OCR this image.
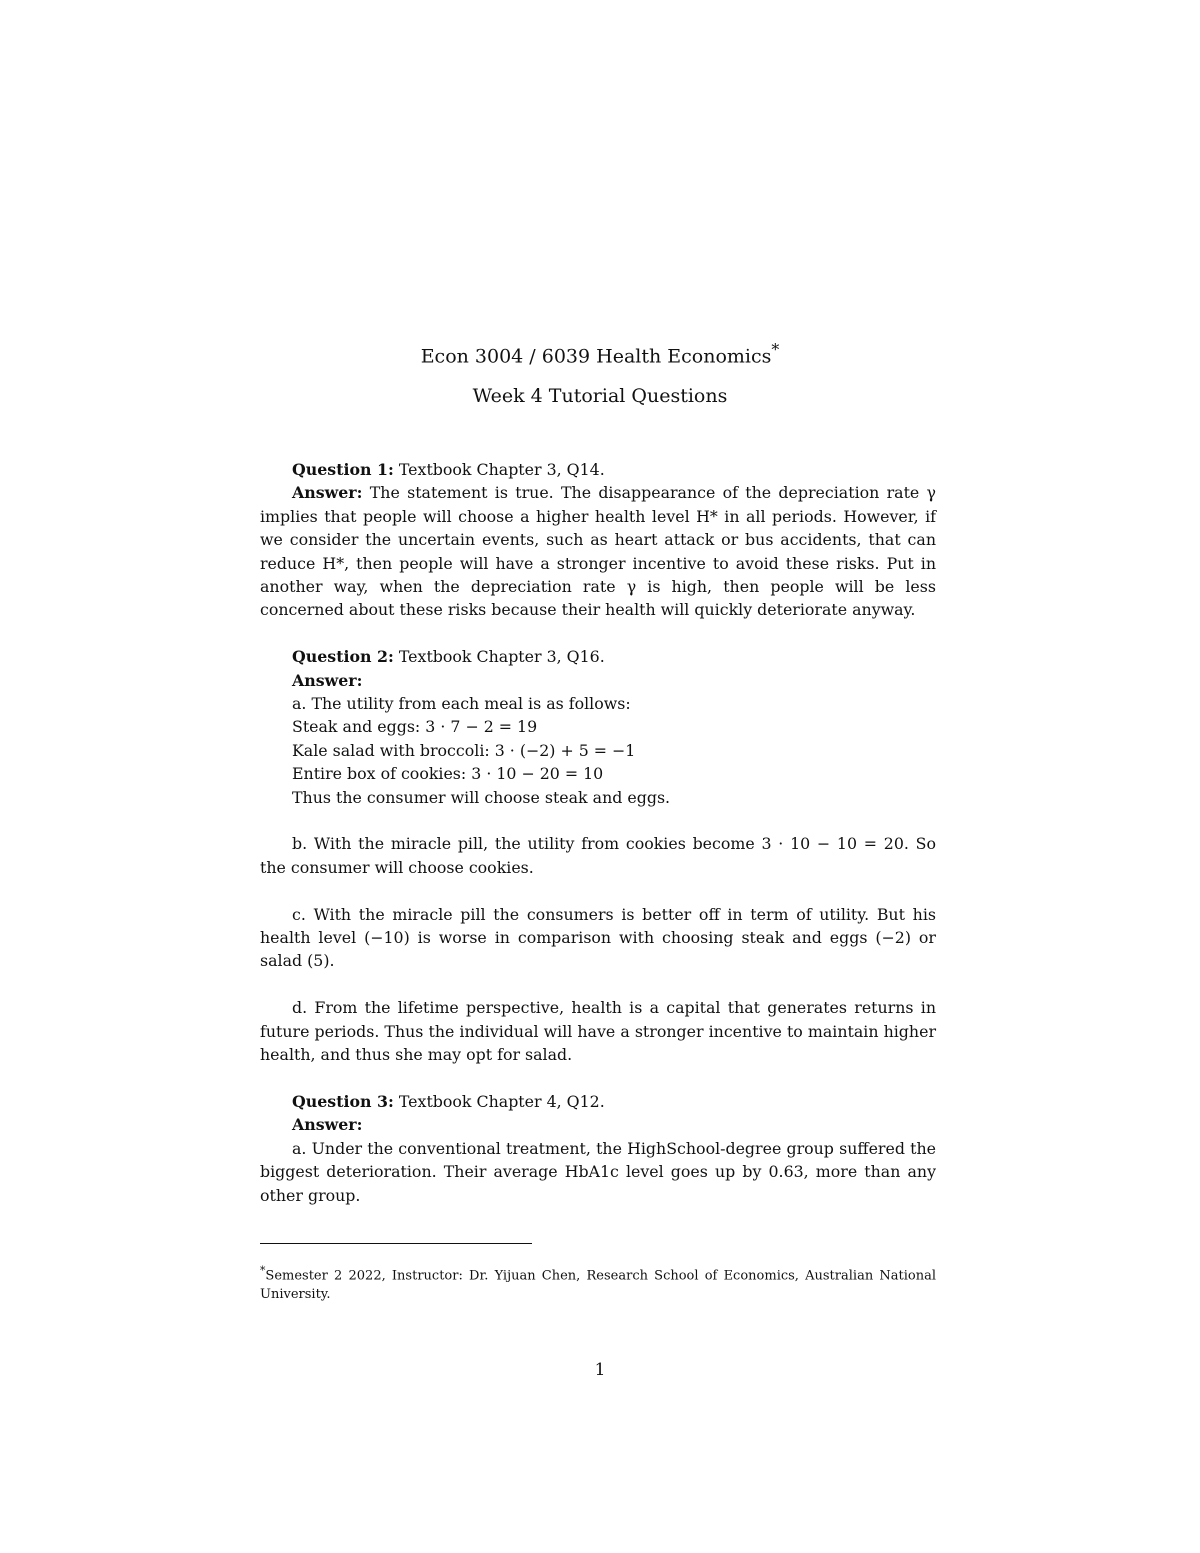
Econ 3004 / 6039 Health Economics*
Week 4 Tutorial Questions

Question 1: Textbook Chapter 3, Q14.

Answer: The statement is true. The disappearance of the depreciation rate γ implies that people will choose a higher health level H* in all periods. However, if we consider the uncertain events, such as heart attack or bus accidents, that can reduce H*, then people will have a stronger incentive to avoid these risks. Put in another way, when the depreciation rate γ is high, then people will be less concerned about these risks because their health will quickly deteriorate anyway.

Question 2: Textbook Chapter 3, Q16.

Answer:

a. The utility from each meal is as follows:

Steak and eggs: 3 · 7 − 2 = 19

Kale salad with broccoli: 3 · (−2) + 5 = −1

Entire box of cookies: 3 · 10 − 20 = 10

Thus the consumer will choose steak and eggs.

b. With the miracle pill, the utility from cookies become 3 · 10 − 10 = 20. So the consumer will choose cookies.

c. With the miracle pill the consumers is better off in term of utility. But his health level (−10) is worse in comparison with choosing steak and eggs (−2) or salad (5).

d. From the lifetime perspective, health is a capital that generates returns in future periods. Thus the individual will have a stronger incentive to maintain higher health, and thus she may opt for salad.

Question 3: Textbook Chapter 4, Q12.

Answer:

a. Under the conventional treatment, the HighSchool-degree group suffered the biggest deterioration. Their average HbA1c level goes up by 0.63, more than any other group.

*Semester 2 2022, Instructor: Dr. Yijuan Chen, Research School of Economics, Australian National University.

1
